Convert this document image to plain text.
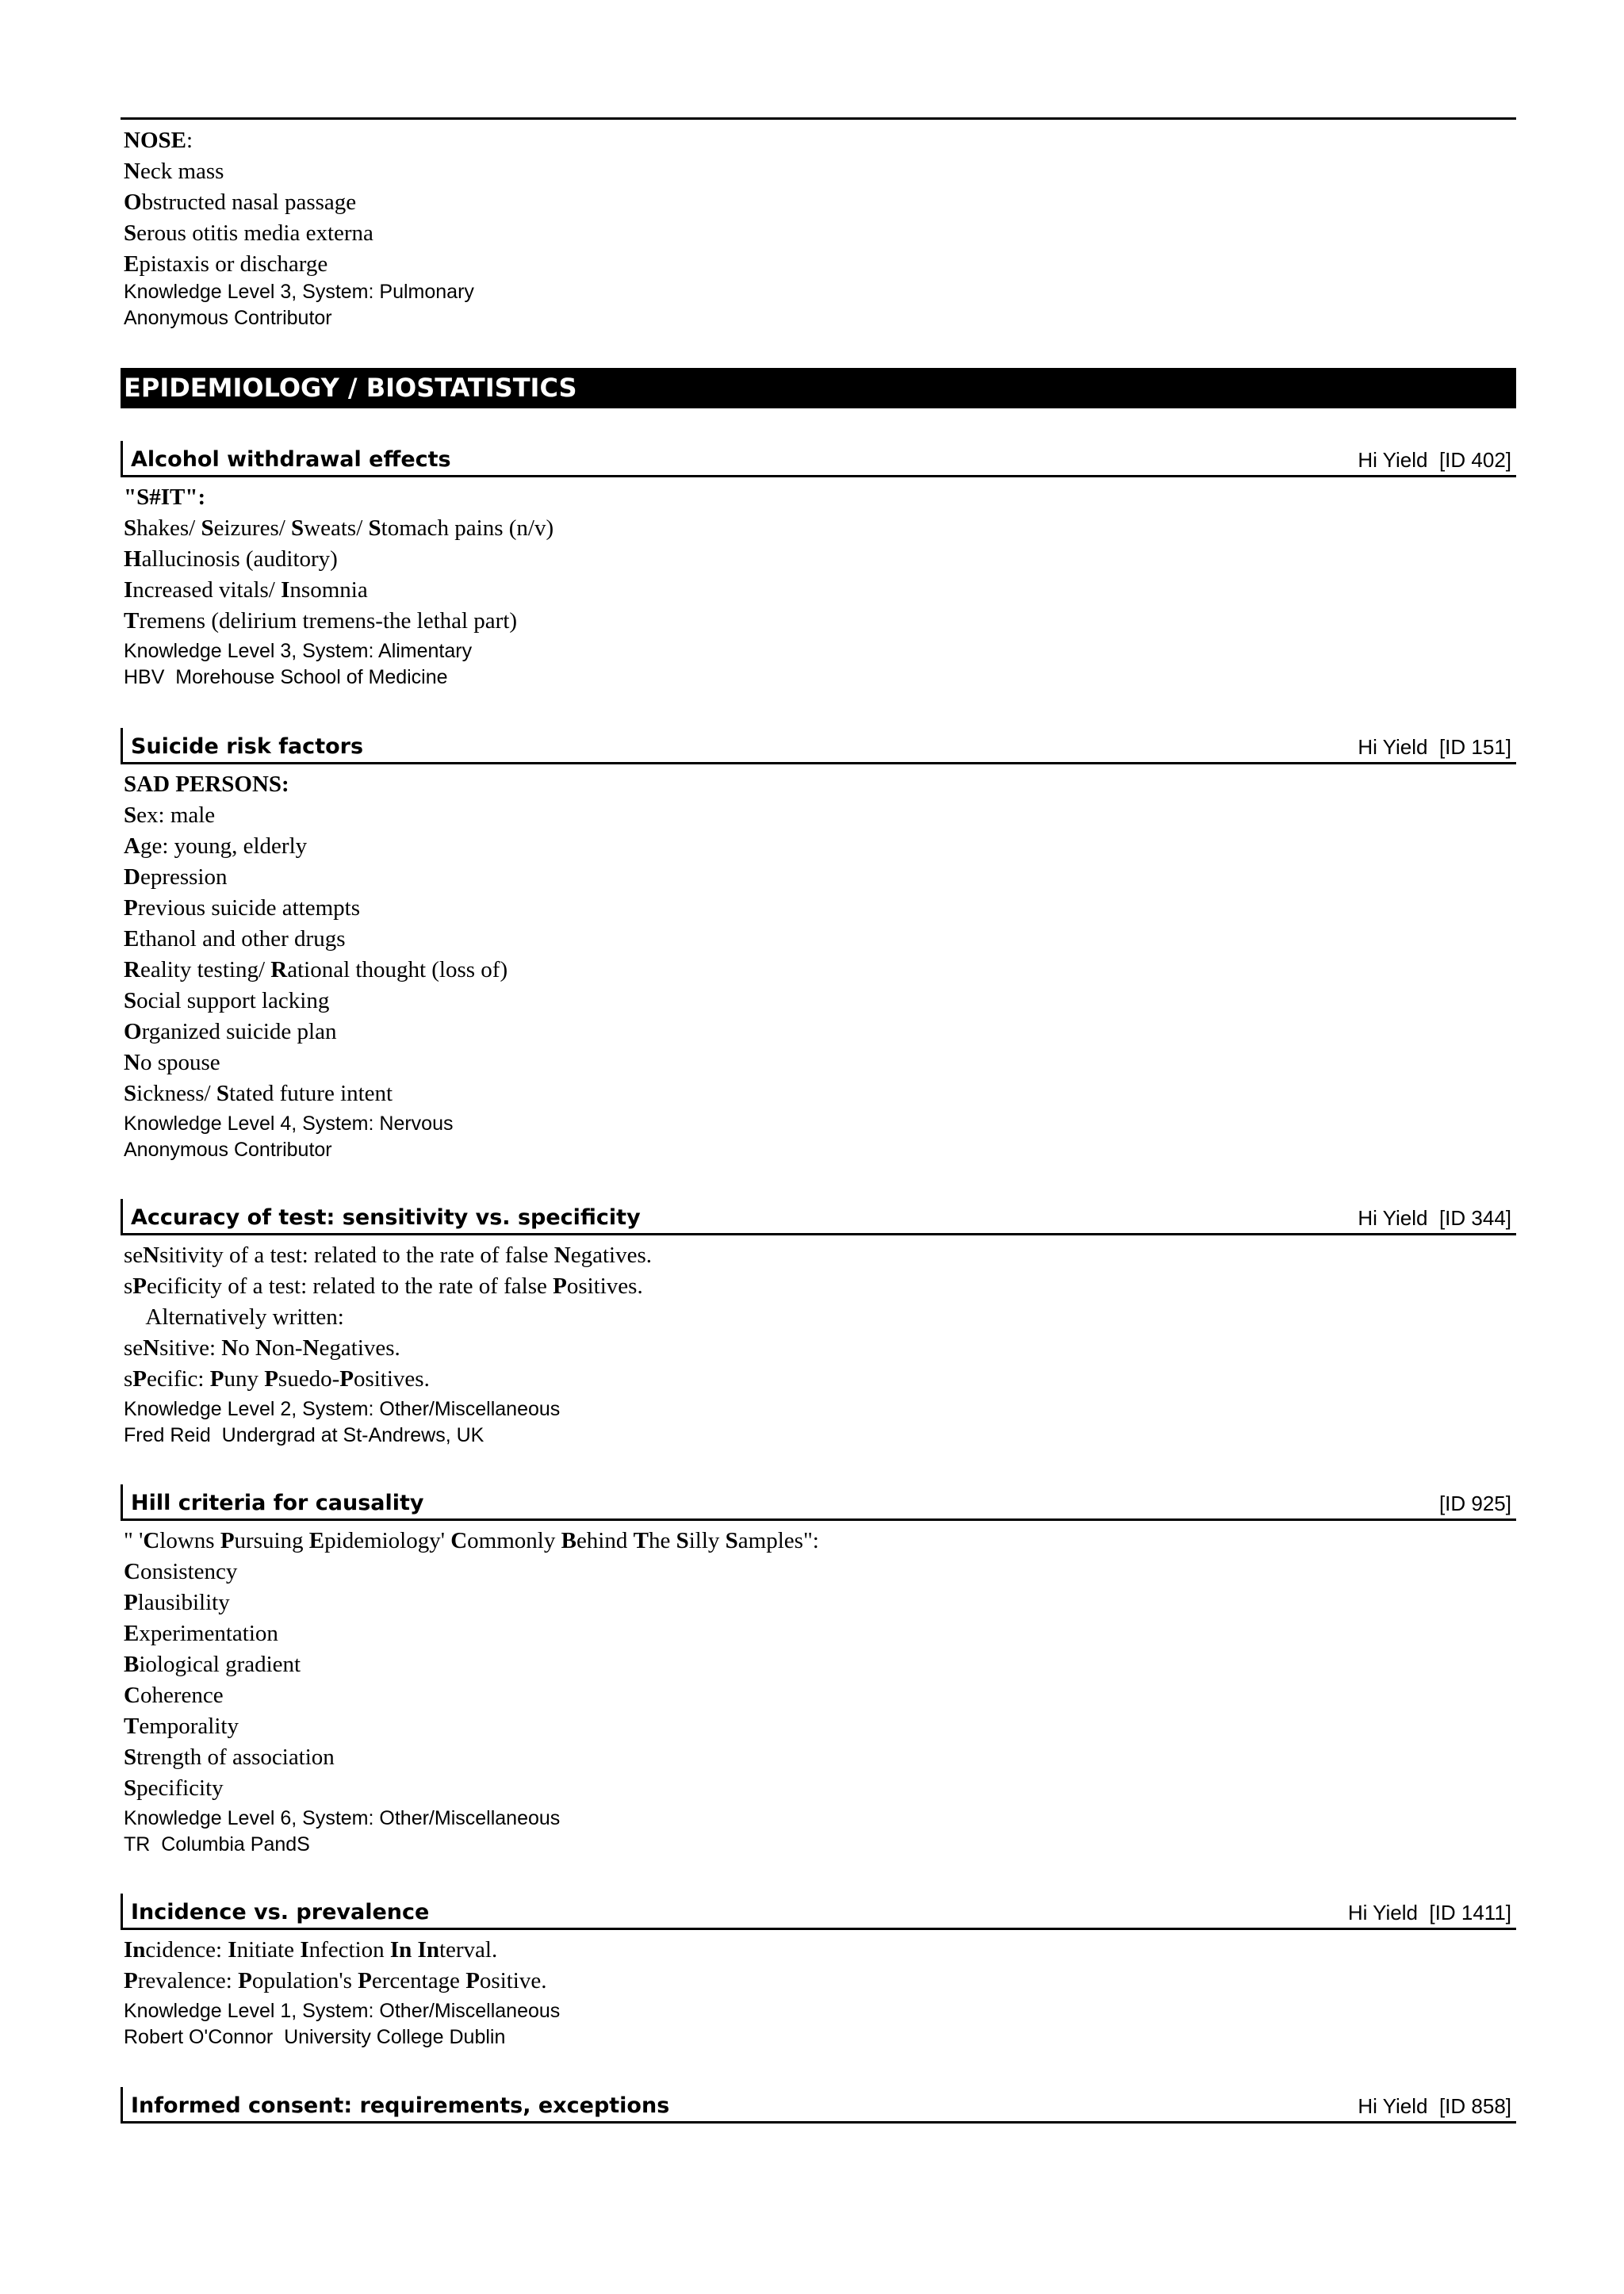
NOSE:
Neck mass
Obstructed nasal passage
Serous otitis media externa
Epistaxis or discharge
Knowledge Level 3, System: Pulmonary
Anonymous Contributor
EPIDEMIOLOGY / BIOSTATISTICS
Alcohol withdrawal effects	Hi Yield  [ID 402]
"S#IT":
Shakes/ Seizures/ Sweats/ Stomach pains (n/v)
Hallucinosis (auditory)
Increased vitals/ Insomnia
Tremens (delirium tremens-the lethal part)
Knowledge Level 3, System: Alimentary
HBV  Morehouse School of Medicine
Suicide risk factors	Hi Yield  [ID 151]
SAD PERSONS:
Sex: male
Age: young, elderly
Depression
Previous suicide attempts
Ethanol and other drugs
Reality testing/ Rational thought (loss of)
Social support lacking
Organized suicide plan
No spouse
Sickness/ Stated future intent
Knowledge Level 4, System: Nervous
Anonymous Contributor
Accuracy of test: sensitivity vs. specificity	Hi Yield  [ID 344]
seNsitivity of a test: related to the rate of false Negatives.
sPecificity of a test: related to the rate of false Positives.
Alternatively written:
seNsitive: No Non-Negatives.
sPecific: Puny Psuedo-Positives.
Knowledge Level 2, System: Other/Miscellaneous
Fred Reid  Undergrad at St-Andrews, UK
Hill criteria for causality	[ID 925]
" 'Clowns Pursuing Epidemiology' Commonly Behind The Silly Samples":
Consistency
Plausibility
Experimentation
Biological gradient
Coherence
Temporality
Strength of association
Specificity
Knowledge Level 6, System: Other/Miscellaneous
TR  Columbia PandS
Incidence vs. prevalence	Hi Yield  [ID 1411]
Incidence: Initiate Infection In Interval.
Prevalence: Population's Percentage Positive.
Knowledge Level 1, System: Other/Miscellaneous
Robert O'Connor  University College Dublin
Informed consent: requirements, exceptions	Hi Yield  [ID 858]
